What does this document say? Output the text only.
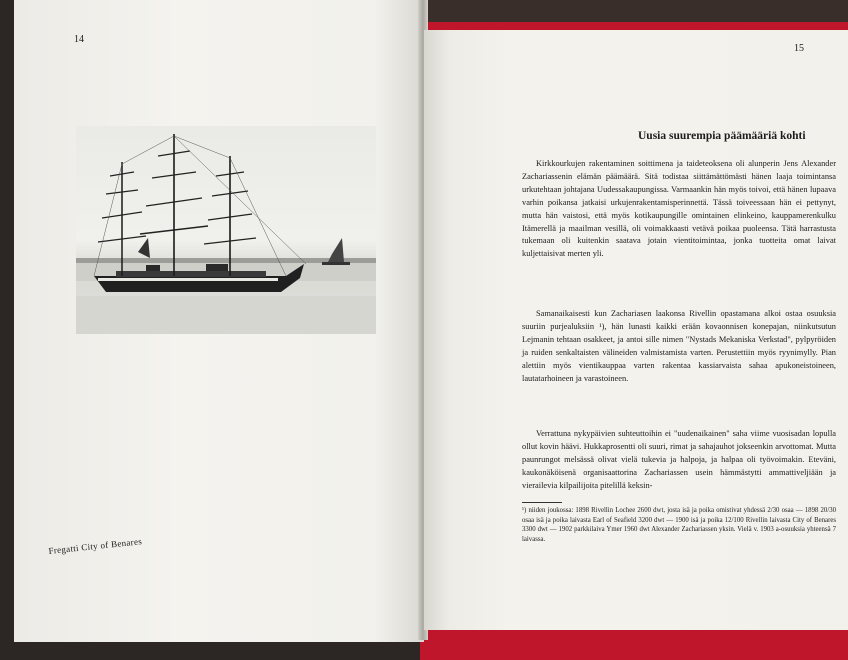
14
Fregatti City of Benares
15
Uusia suurempia päämääriä kohti

Kirkkourkujen rakentaminen soittimena ja taideteoksena oli alunperin Jens Alexander Zachariassenin elämän päämäärä. Sitä todistaa siittämättömästi hänen laaja toimintansa urkutehtaan johtajana Uudessakaupungissa. Varmaankin hän myös toivoi, että hänen lupaava varhin poikansa jatkaisi urkujenrakentamisperinnettä. Tässä toiveessaan hän ei pettynyt, mutta hän vaistosi, että myös kotikaupungille omintainen elinkeino, kauppamerenkulku Itämerellä ja maailman vesillä, oli voimakkaasti vetävä poikaa puoleensa. Tätä harrastusta tukemaan oli kuitenkin saatava jotain vientitoimintaa, jonka tuotteita omat laivat kuljettaisivat merten yli.

Samanaikaisesti kun Zachariasen laakonsa Rivellin opastamana alkoi ostaa osuuksia suuriin purjealuksiin ¹), hän lunasti kaikki erään kovaonnisen konepajan, niinkutsutun Lejmanin tehtaan osakkeet, ja antoi sille nimen "Nystads Mekaniska Verkstad", pylpyröiden ja ruiden senkaltaisten välineiden valmistamista varten. Perustettiin myös ryynimylly. Pian alettiin myös vientikauppaa varten rakentaa kassiarvaista sahaa apukoneistoineen, lautatarhoineen ja varastoineen.

Verrattuna nykypäivien suhteuttoihin ei "uudenaikainen" saha viime vuosisadan lopulla ollut kovin häävi. Hukkaprosentti oli suuri, rimat ja sahajauhot jokseenkin arvottomat. Mutta paunrungot melsässä olivat vielä tukevia ja halpoja, ja halpaa oli työvoimakin. Eteväni, kaukonäköisenä organisaattorina Zachariassen usein hämmästytti ammattiveljiään ja vierailevia kilpailijoita pitelillä keksin-

¹) niiden joukossa: 1898 Rivellin Lochee 2600 dwt, josta isä ja poika omistivat yhdessä 2/30 osaa — 1898 20/30 osaa isä ja poika laivasta Earl of Seafield 3200 dwt — 1900 isä ja poika 12/100 Rivellin laivasta City of Benares 3300 dwt — 1902 parkkilaiva Ymer 1960 dwt Alexander Zachariassen yksin. Vielä v. 1903 a-osuuksia yhteensä 7 laivassa.
